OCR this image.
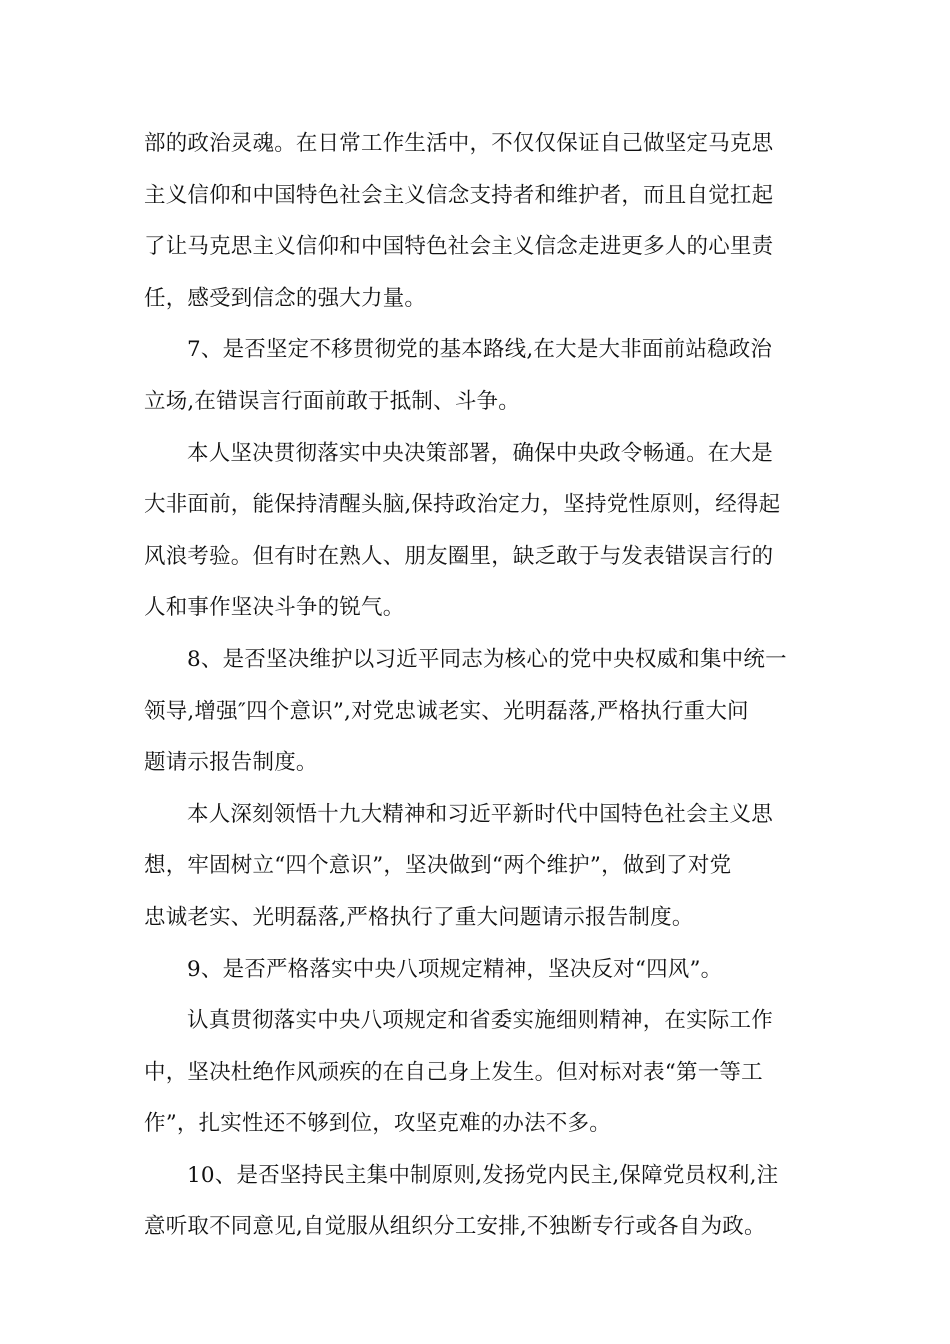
部的政治灵魂。在日常工作生活中，不仅仅保证自己做坚定马克思
主义信仰和中国特色社会主义信念支持者和维护者，而且自觉扛起
了让马克思主义信仰和中国特色社会主义信念走进更多人的心里责
任，感受到信念的强大力量。
7、是否坚定不移贯彻党的基本路线,在大是大非面前站稳政治
立场,在错误言行面前敢于抵制、斗争。
本人坚决贯彻落实中央决策部署，确保中央政令畅通。在大是
大非面前，能保持清醒头脑,保持政治定力，坚持党性原则，经得起
风浪考验。但有时在熟人、朋友圈里，缺乏敢于与发表错误言行的
人和事作坚决斗争的锐气。
8、是否坚决维护以习近平同志为核心的党中央权威和集中统一
领导,增强″四个意识”,对党忠诚老实、光明磊落,严格执行重大问
题请示报告制度。
本人深刻领悟十九大精神和习近平新时代中国特色社会主义思
想，牢固树立“四个意识”，坚决做到“两个维护”，做到了对党
忠诚老实、光明磊落,严格执行了重大问题请示报告制度。
9、是否严格落实中央八项规定精神，坚决反对“四风”。
认真贯彻落实中央八项规定和省委实施细则精神，在实际工作
中，坚决杜绝作风顽疾的在自己身上发生。但对标对表“第一等工
作”，扎实性还不够到位，攻坚克难的办法不多。
10、是否坚持民主集中制原则,发扬党内民主,保障党员权利,注
意听取不同意见,自觉服从组织分工安排,不独断专行或各自为政。
